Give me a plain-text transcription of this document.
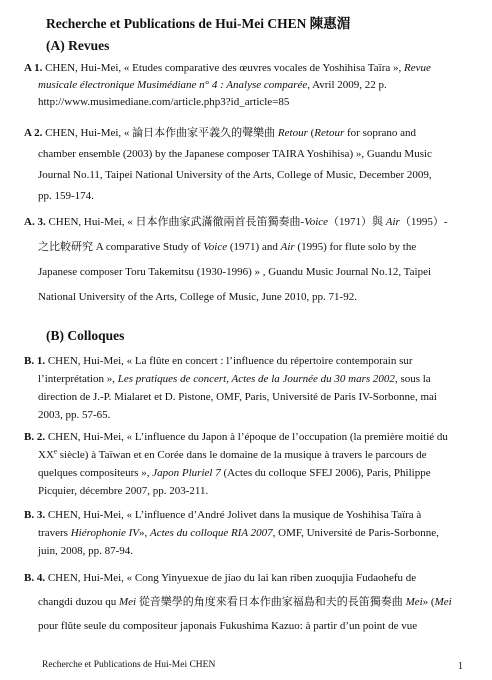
Recherche et Publications de Hui-Mei CHEN 陳惠湄
(A) Revues
A 1. CHEN, Hui-Mei, « Etudes comparative des œuvres vocales de Yoshihisa Taïra », Revue
musicale électronique Musimédiane n° 4 : Analyse comparée, Avril 2009, 22 p.
http://www.musimediane.com/article.php3?id_article=85
A 2. CHEN, Hui-Mei, « 論日本作曲家平義久的聲樂曲 Retour (Retour for soprano and
chamber ensemble (2003) by the Japanese composer TAIRA Yoshihisa) », Guandu Music
Journal No.11, Taipei National University of the Arts, College of Music, December 2009,
pp. 159-174.
A. 3. CHEN, Hui-Mei, « 日本作曲家武滿徹兩首長笛獨奏曲-Voice（1971）與 Air（1995）-
之比較研究 A comparative Study of Voice (1971) and Air (1995) for flute solo by the
Japanese composer Toru Takemitsu (1930-1996) » , Guandu Music Journal No.12, Taipei
National University of the Arts, College of Music, June 2010, pp. 71-92.
(B) Colloques
B. 1. CHEN, Hui-Mei, « La flûte en concert : l’influence du répertoire contemporain sur
l’interprétation », Les pratiques de concert, Actes de la Journée du 30 mars 2002, sous la
direction de J.-P. Mialaret et D. Pistone, OMF, Paris, Université de Paris IV-Sorbonne, mai
2003, pp. 57-65.
B. 2. CHEN, Hui-Mei, « L’influence du Japon à l’époque de l’occupation (la première moitié du
XXe siècle) à Taïwan et en Corée dans le domaine de la musique à travers le parcours de
quelques compositeurs », Japon Pluriel 7 (Actes du colloque SFEJ 2006), Paris, Philippe
Picquier, décembre 2007, pp. 203-211.
B. 3. CHEN, Hui-Mei, « L’influence d’André Jolivet dans la musique de Yoshihisa Taïra à
travers Hiérophonie IV», Actes du colloque RIA 2007, OMF, Université de Paris-Sorbonne,
juin, 2008, pp. 87-94.
B. 4. CHEN, Hui-Mei, « Cong Yinyuexue de jiao du lai kan riben zuoqujia Fudaohefu de
changdi duzou qu Mei 從音樂學的角度來看日本作曲家福島和夫的長笛獨奏曲 Mei» (Mei
pour flûte seule du compositeur japonais Fukushima Kazuo: à partir d’un point de vue
Recherche et Publications de Hui-Mei CHEN	1
